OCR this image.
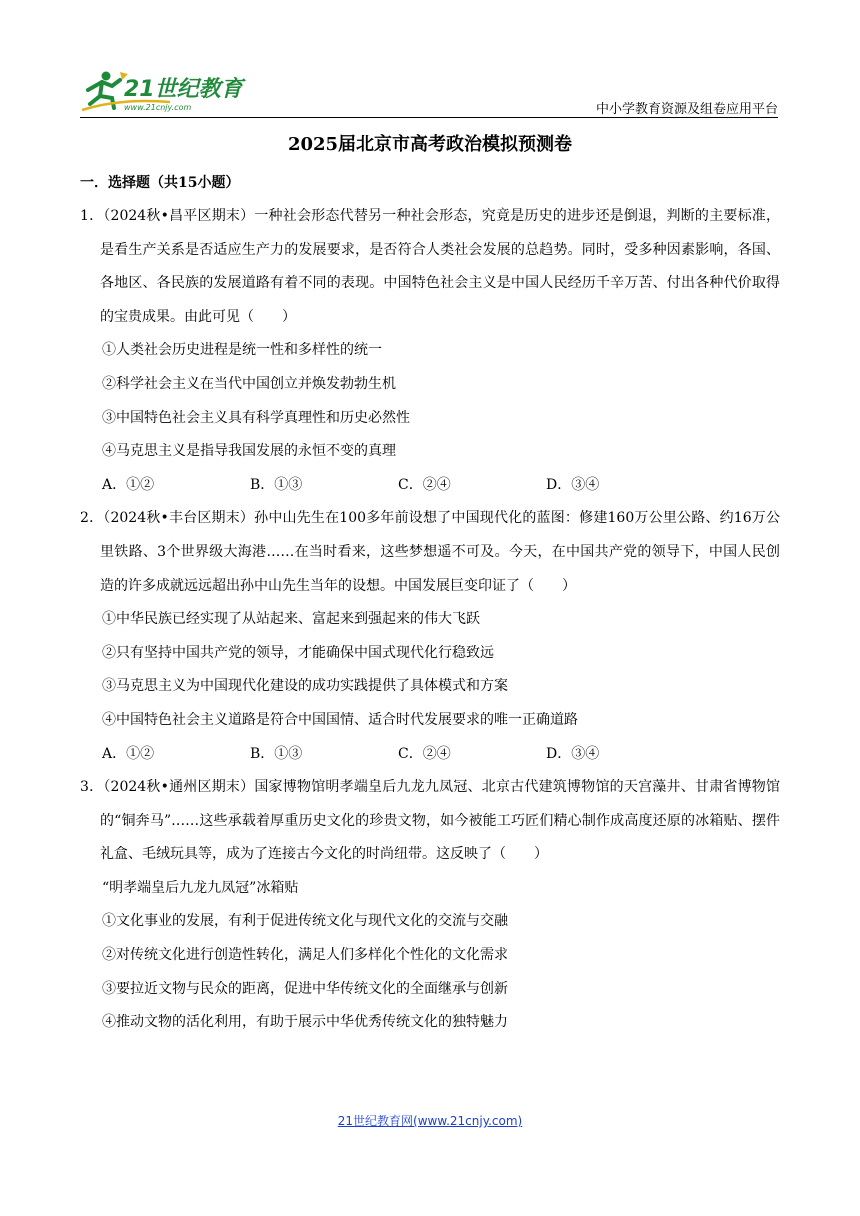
21世纪教育
www.21cnjy.com	中小学教育资源及组卷应用平台
2025届北京市高考政治模拟预测卷
一．选择题（共15小题）

1．（2024秋•昌平区期末）一种社会形态代替另一种社会形态，究竟是历史的进步还是倒退，判断的主要标准，是看生产关系是否适应生产力的发展要求，是否符合人类社会发展的总趋势。同时，受多种因素影响，各国、各地区、各民族的发展道路有着不同的表现。中国特色社会主义是中国人民经历千辛万苦、付出各种代价取得的宝贵成果。由此可见（　　）

①人类社会历史进程是统一性和多样性的统一

②科学社会主义在当代中国创立并焕发勃勃生机

③中国特色社会主义具有科学真理性和历史必然性

④马克思主义是指导我国发展的永恒不变的真理

A．①②	B．①③	C．②④	D．③④

2．（2024秋•丰台区期末）孙中山先生在100多年前设想了中国现代化的蓝图：修建160万公里公路、约16万公里铁路、3个世界级大海港……在当时看来，这些梦想遥不可及。今天，在中国共产党的领导下，中国人民创造的许多成就远远超出孙中山先生当年的设想。中国发展巨变印证了（　　）

①中华民族已经实现了从站起来、富起来到强起来的伟大飞跃

②只有坚持中国共产党的领导，才能确保中国式现代化行稳致远

③马克思主义为中国现代化建设的成功实践提供了具体模式和方案

④中国特色社会主义道路是符合中国国情、适合时代发展要求的唯一正确道路

A．①②	B．①③	C．②④	D．③④

3．（2024秋•通州区期末）国家博物馆明孝端皇后九龙九凤冠、北京古代建筑博物馆的天宫藻井、甘肃省博物馆的“铜奔马”……这些承载着厚重历史文化的珍贵文物，如今被能工巧匠们精心制作成高度还原的冰箱贴、摆件礼盒、毛绒玩具等，成为了连接古今文化的时尚纽带。这反映了（　　）

“明孝端皇后九龙九凤冠”冰箱贴

①文化事业的发展，有利于促进传统文化与现代文化的交流与交融

②对传统文化进行创造性转化，满足人们多样化个性化的文化需求

③要拉近文物与民众的距离，促进中华传统文化的全面继承与创新

④推动文物的活化利用，有助于展示中华优秀传统文化的独特魅力

21世纪教育网(www.21cnjy.com)
